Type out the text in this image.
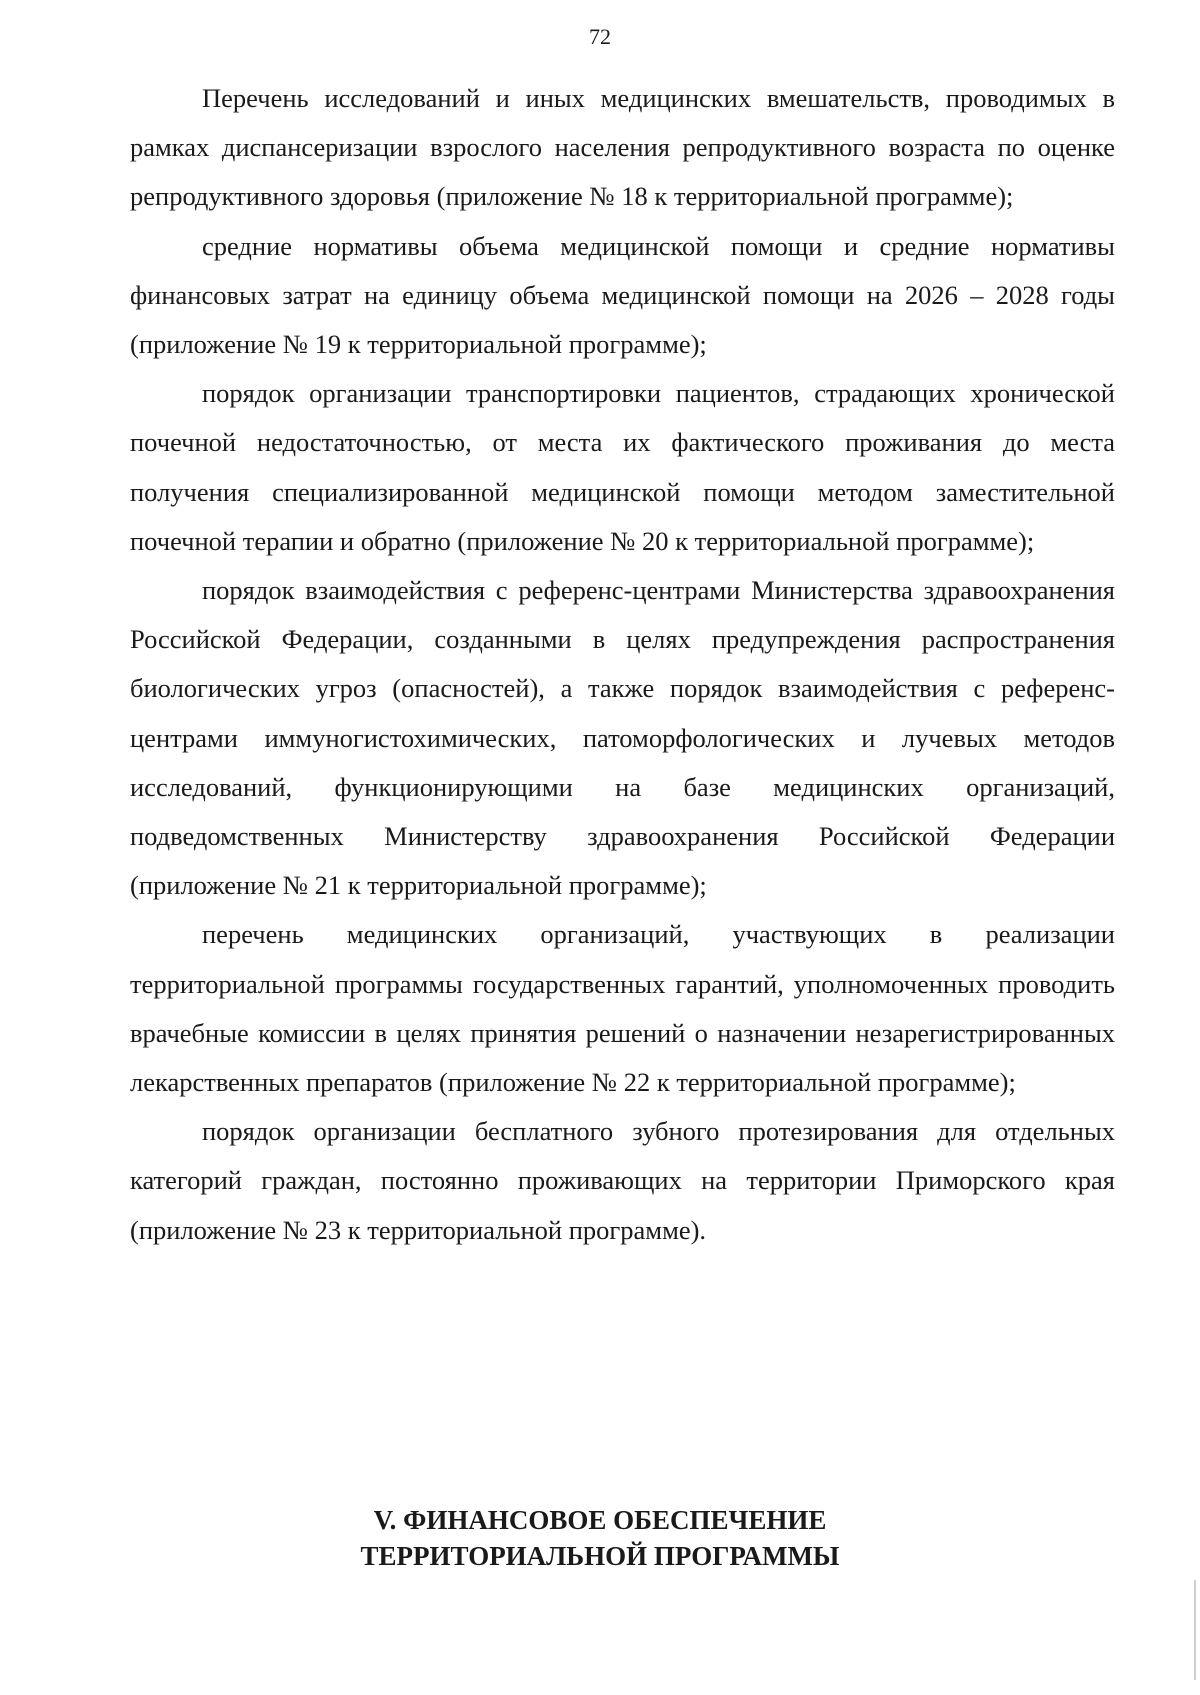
72

Перечень исследований и иных медицинских вмешательств, проводимых в рамках диспансеризации взрослого населения репродуктивного возраста по оценке репродуктивного здоровья (приложение № 18 к территориальной программе);

средние нормативы объема медицинской помощи и средние нормативы финансовых затрат на единицу объема медицинской помощи на 2026 – 2028 годы (приложение № 19 к территориальной программе);

порядок организации транспортировки пациентов, страдающих хронической почечной недостаточностью, от места их фактического проживания до места получения специализированной медицинской помощи методом заместительной почечной терапии и обратно (приложение № 20 к территориальной программе);

порядок взаимодействия с референс-центрами Министерства здравоохранения Российской Федерации, созданными в целях предупреждения распространения биологических угроз (опасностей), а также порядок взаимодействия с референс-центрами иммуногистохимических, патоморфологических и лучевых методов исследований, функционирующими на базе медицинских организаций, подведомственных Министерству здравоохранения Российской Федерации (приложение № 21 к территориальной программе);

перечень медицинских организаций, участвующих в реализации территориальной программы государственных гарантий, уполномоченных проводить врачебные комиссии в целях принятия решений о назначении незарегистрированных лекарственных препаратов (приложение № 22 к территориальной программе);

порядок организации бесплатного зубного протезирования для отдельных категорий граждан, постоянно проживающих на территории Приморского края (приложение № 23 к территориальной программе).

V. ФИНАНСОВОЕ ОБЕСПЕЧЕНИЕ
ТЕРРИТОРИАЛЬНОЙ ПРОГРАММЫ
